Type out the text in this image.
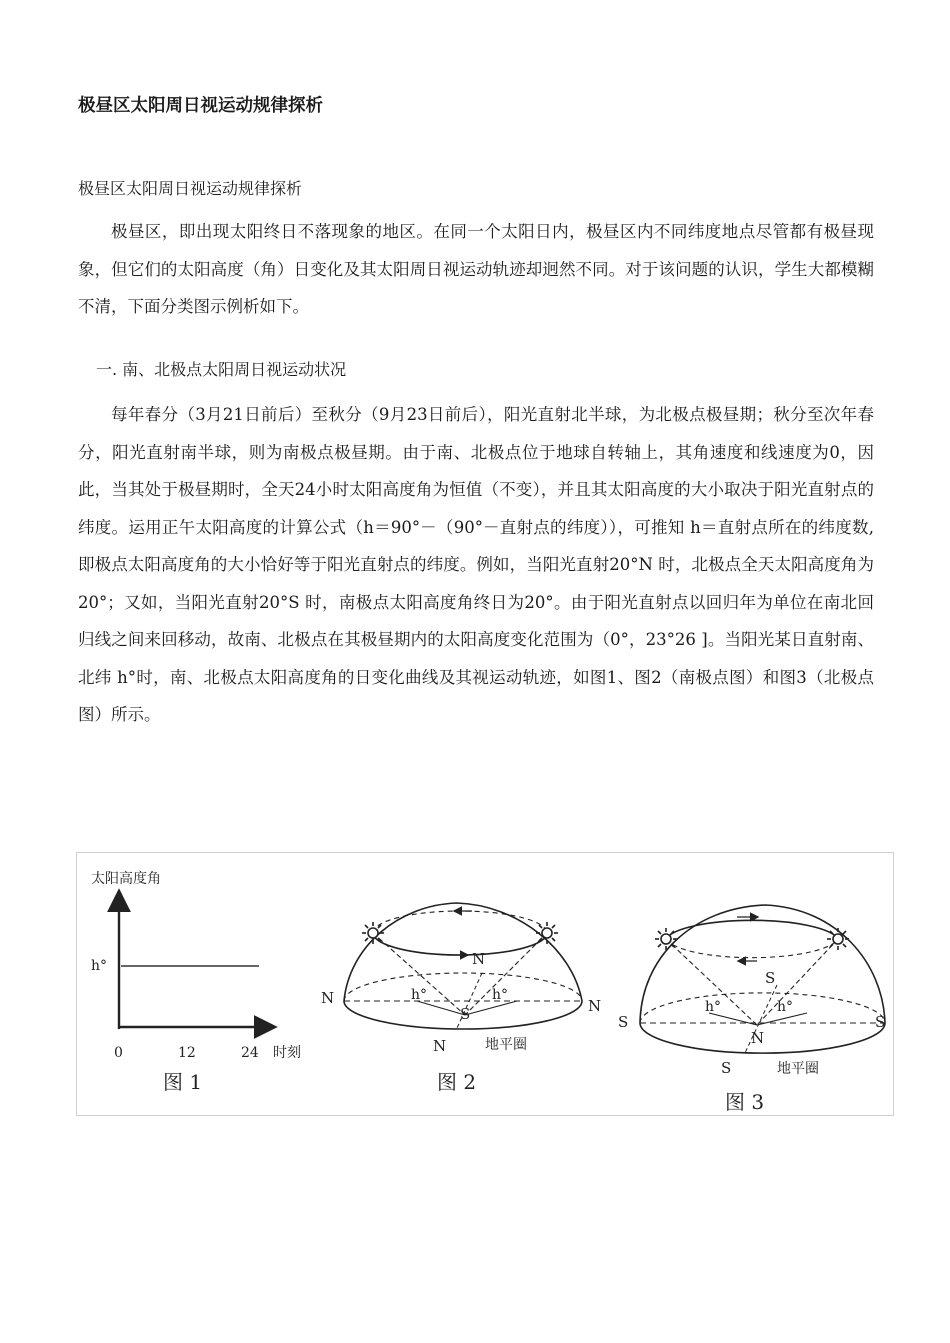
极昼区太阳周日视运动规律探析
极昼区太阳周日视运动规律探析

极昼区，即出现太阳终日不落现象的地区。在同一个太阳日内，极昼区内不同纬度地点尽管都有极昼现象，但它们的太阳高度（角）日变化及其太阳周日视运动轨迹却迥然不同。对于该问题的认识，学生大都模糊不清，下面分类图示例析如下。

一. 南、北极点太阳周日视运动状况

每年春分（3月21日前后）至秋分（9月23日前后），阳光直射北半球，为北极点极昼期；秋分至次年春分，阳光直射南半球，则为南极点极昼期。由于南、北极点位于地球自转轴上，其角速度和线速度为0，因此，当其处于极昼期时，全天24小时太阳高度角为恒值（不变），并且其太阳高度的大小取决于阳光直射点的纬度。运用正午太阳高度的计算公式（h＝90°－（90°－直射点的纬度）），可推知 h＝直射点所在的纬度数,即极点太阳高度角的大小恰好等于阳光直射点的纬度。例如，当阳光直射20°N 时，北极点全天太阳高度角为20°；又如，当阳光直射20°S 时，南极点太阳高度角终日为20°。由于阳光直射点以回归年为单位在南北回归线之间来回移动，故南、北极点在其极昼期内的太阳高度变化范围为（0°，23°26 ]。当阳光某日直射南、北纬 h°时，南、北极点太阳高度角的日变化曲线及其视运动轨迹，如图1、图2（南极点图）和图3（北极点图）所示。

太阳高度角
h°
0	12	24 时刻
图 1
N
N	N
h°	h°
S
N	地平圈
图 2
S
S	S
h°	h°
N
S	地平圈
图 3
